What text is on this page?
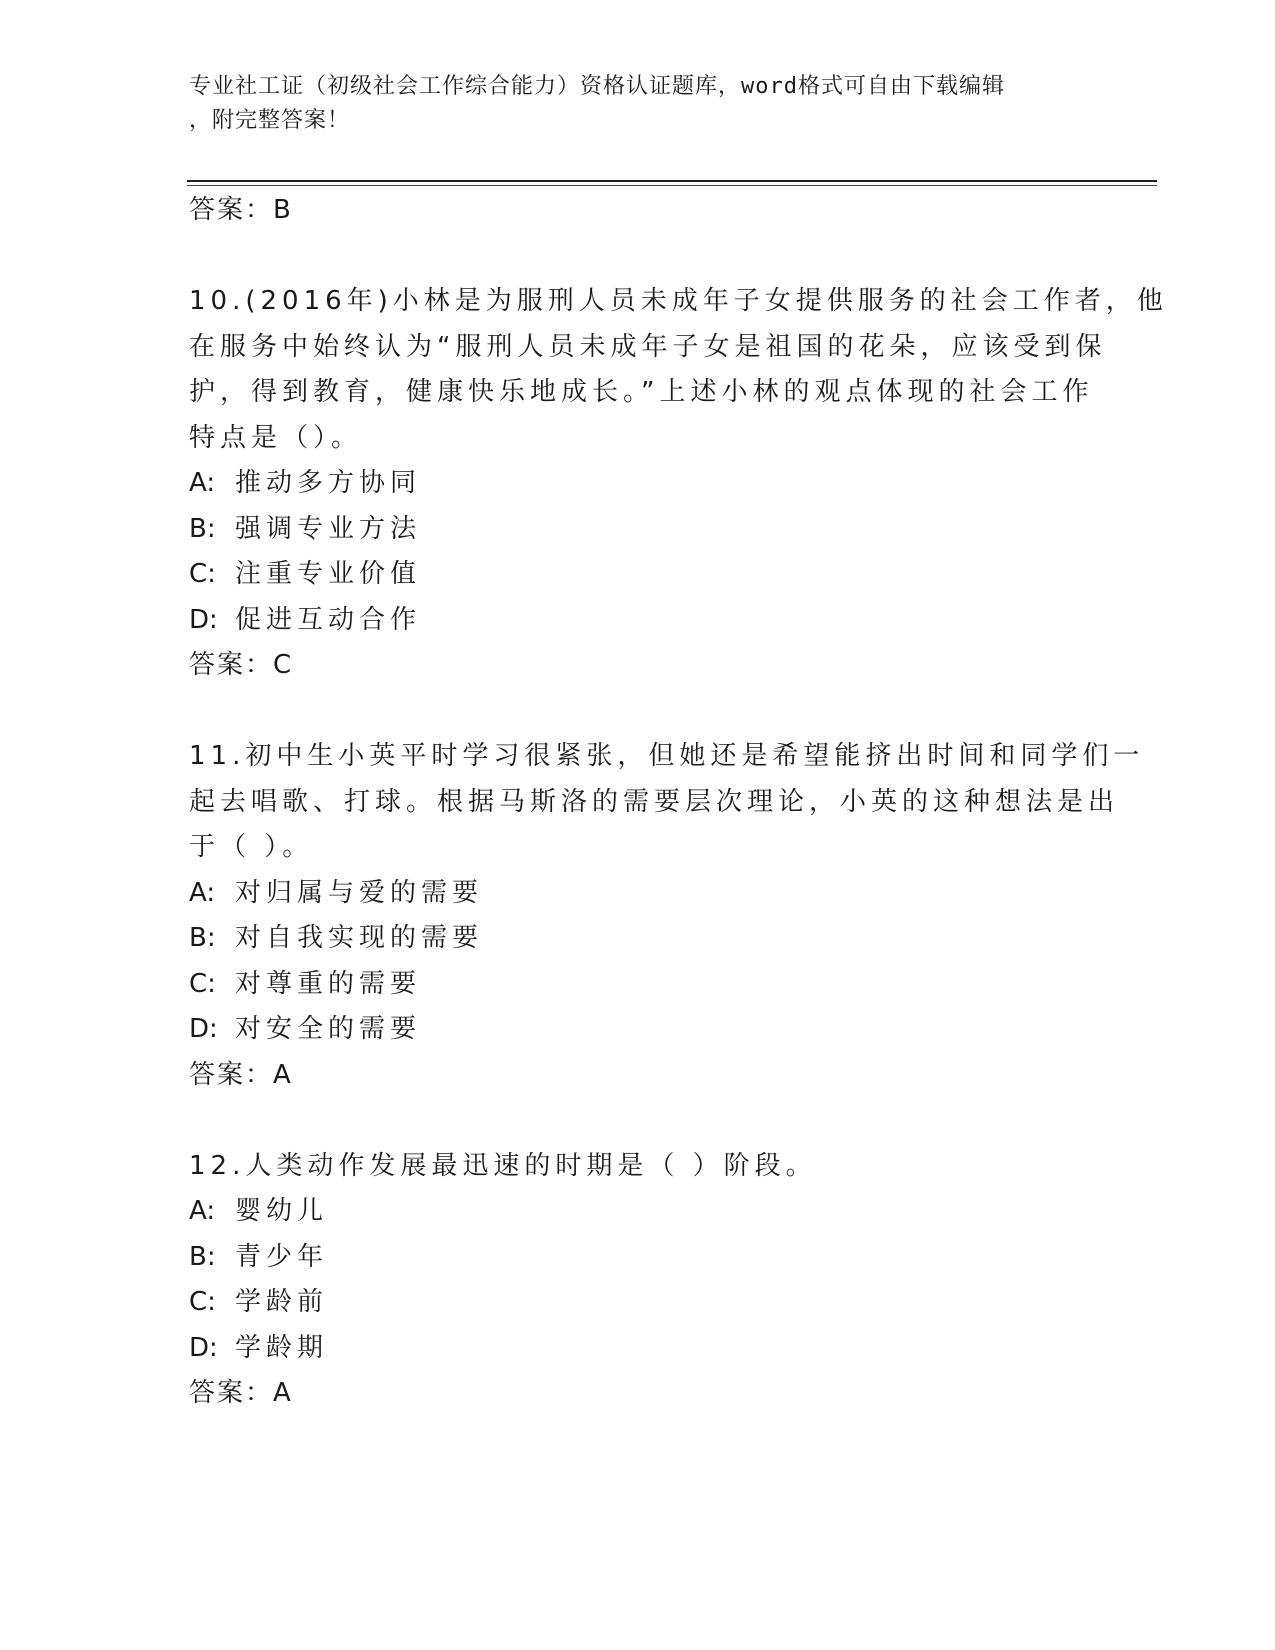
专业社工证（初级社会工作综合能力）资格认证题库，word格式可自由下载编辑
，附完整答案！
答案：B
10.(2016年)小林是为服刑人员未成年子女提供服务的社会工作者，他
在服务中始终认为“服刑人员未成年子女是祖国的花朵，应该受到保
护，得到教育，健康快乐地成长。”上述小林的观点体现的社会工作
特点是（）。
A: 推动多方协同
B: 强调专业方法
C: 注重专业价值
D: 促进互动合作
答案：C
11.初中生小英平时学习很紧张，但她还是希望能挤出时间和同学们一
起去唱歌、打球。根据马斯洛的需要层次理论，小英的这种想法是出
于（ ）。
A: 对归属与爱的需要
B: 对自我实现的需要
C: 对尊重的需要
D: 对安全的需要
答案：A
12.人类动作发展最迅速的时期是（ ）阶段。
A: 婴幼儿
B: 青少年
C: 学龄前
D: 学龄期
答案：A
